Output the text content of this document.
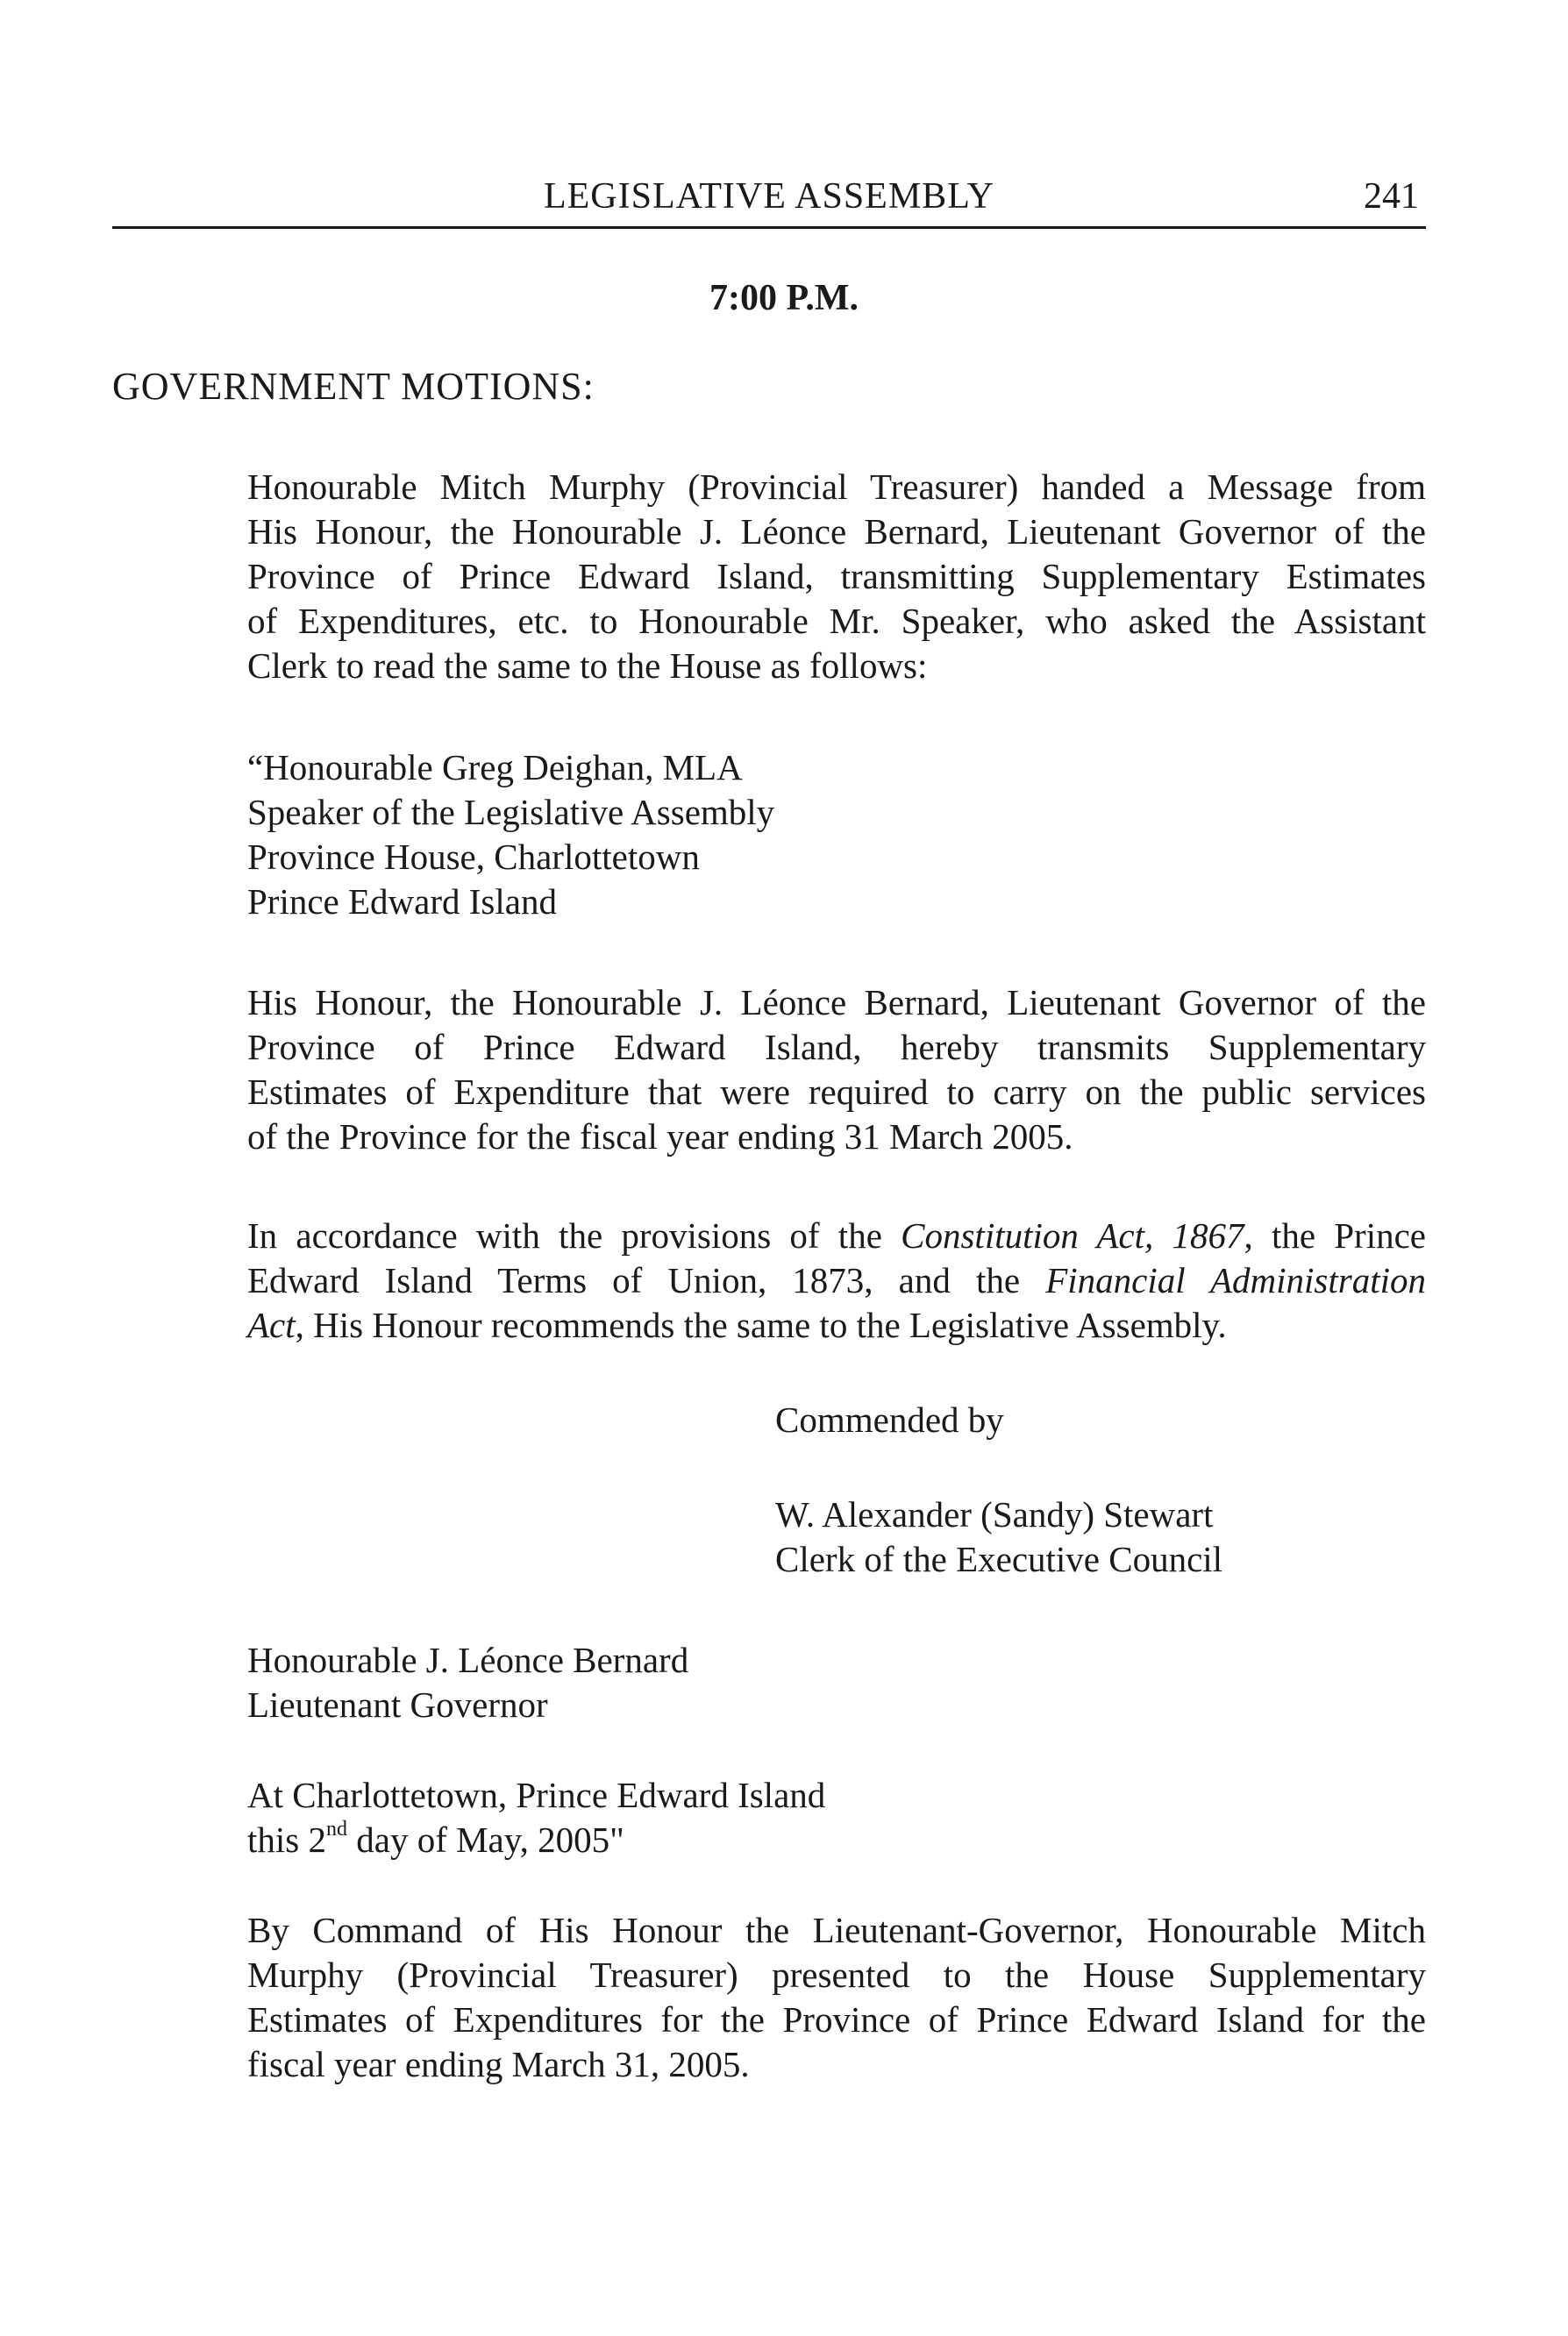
LEGISLATIVE ASSEMBLY	241
7:00 P.M.
GOVERNMENT MOTIONS:
Honourable Mitch Murphy (Provincial Treasurer) handed a Message from
His Honour, the Honourable J. Léonce Bernard, Lieutenant Governor of the
Province of Prince Edward Island, transmitting Supplementary Estimates
of Expenditures, etc. to Honourable Mr. Speaker, who asked the Assistant
Clerk to read the same to the House as follows:
“Honourable Greg Deighan, MLA
Speaker of the Legislative Assembly
Province House, Charlottetown
Prince Edward Island
His Honour, the Honourable J. Léonce Bernard, Lieutenant Governor of the
Province of Prince Edward Island, hereby transmits Supplementary
Estimates of Expenditure that were required to carry on the public services
of the Province for the fiscal year ending 31 March 2005.
In accordance with the provisions of the Constitution Act, 1867, the Prince
Edward Island Terms of Union, 1873, and the Financial Administration
Act, His Honour recommends the same to the Legislative Assembly.
Commended by
W. Alexander (Sandy) Stewart
Clerk of the Executive Council
Honourable J. Léonce Bernard
Lieutenant Governor
At Charlottetown, Prince Edward Island
this 2nd day of May, 2005"
By Command of His Honour the Lieutenant-Governor, Honourable Mitch
Murphy (Provincial Treasurer) presented to the House Supplementary
Estimates of Expenditures for the Province of Prince Edward Island for the
fiscal year ending March 31, 2005.
